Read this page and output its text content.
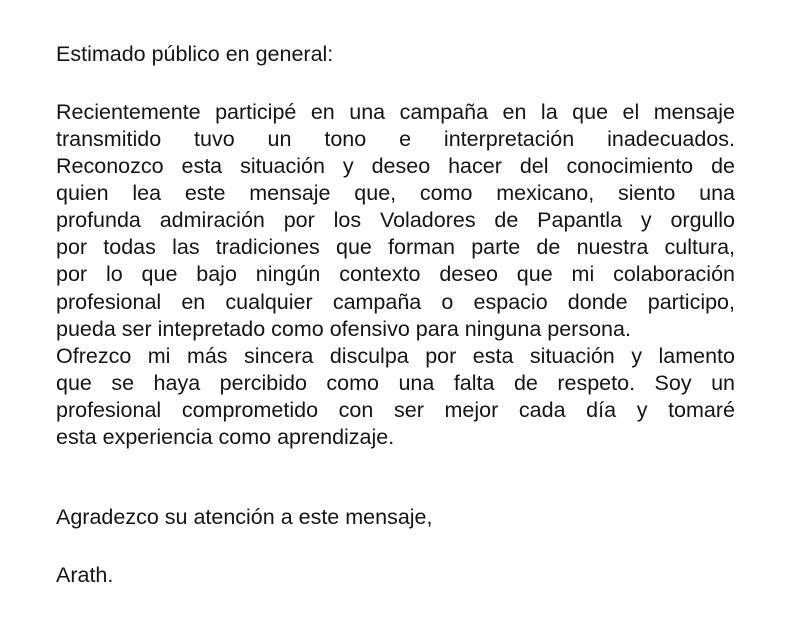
Estimado público en general:

Recientemente participé en una campaña en la que el mensaje

transmitido tuvo un tono e interpretación inadecuados.

Reconozco esta situación y deseo hacer del conocimiento de

quien lea este mensaje que, como mexicano, siento una

profunda admiración por los Voladores de Papantla y orgullo

por todas las tradiciones que forman parte de nuestra cultura,

por lo que bajo ningún contexto deseo que mi colaboración

profesional en cualquier campaña o espacio donde participo,

pueda ser intepretado como ofensivo para ninguna persona.

Ofrezco mi más sincera disculpa por esta situación y lamento

que se haya percibido como una falta de respeto. Soy un

profesional comprometido con ser mejor cada día y tomaré

esta experiencia como aprendizaje.

Agradezco su atención a este mensaje,

Arath.
